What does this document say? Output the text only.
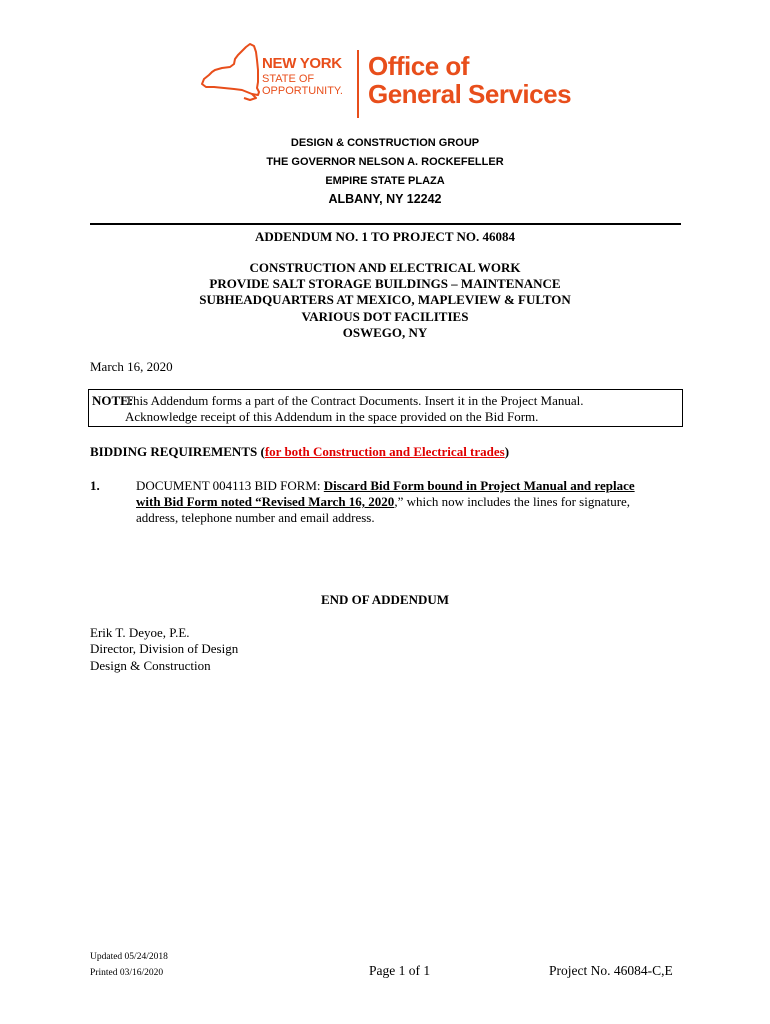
NEW YORK
STATE OF
OPPORTUNITY.
Office of
General Services
DESIGN & CONSTRUCTION GROUP
THE GOVERNOR NELSON A. ROCKEFELLER
EMPIRE STATE PLAZA
ALBANY, NY 12242
ADDENDUM NO. 1 TO PROJECT NO. 46084
CONSTRUCTION AND ELECTRICAL WORK
PROVIDE SALT STORAGE BUILDINGS – MAINTENANCE
SUBHEADQUARTERS AT MEXICO, MAPLEVIEW & FULTON
VARIOUS DOT FACILITIES
OSWEGO, NY
March 16, 2020
NOTE:
This Addendum forms a part of the Contract Documents. Insert it in the Project Manual.
Acknowledge receipt of this Addendum in the space provided on the Bid Form.
BIDDING REQUIREMENTS (for both Construction and Electrical trades)
1.	DOCUMENT 004113 BID FORM: Discard Bid Form bound in Project Manual and replace
with Bid Form noted “Revised March 16, 2020,” which now includes the lines for signature,
address, telephone number and email address.
END OF ADDENDUM
Erik T. Deyoe, P.E.
Director, Division of Design
Design & Construction
Updated 05/24/2018
Printed 03/16/2020	Page 1 of 1	Project No. 46084-C,E
